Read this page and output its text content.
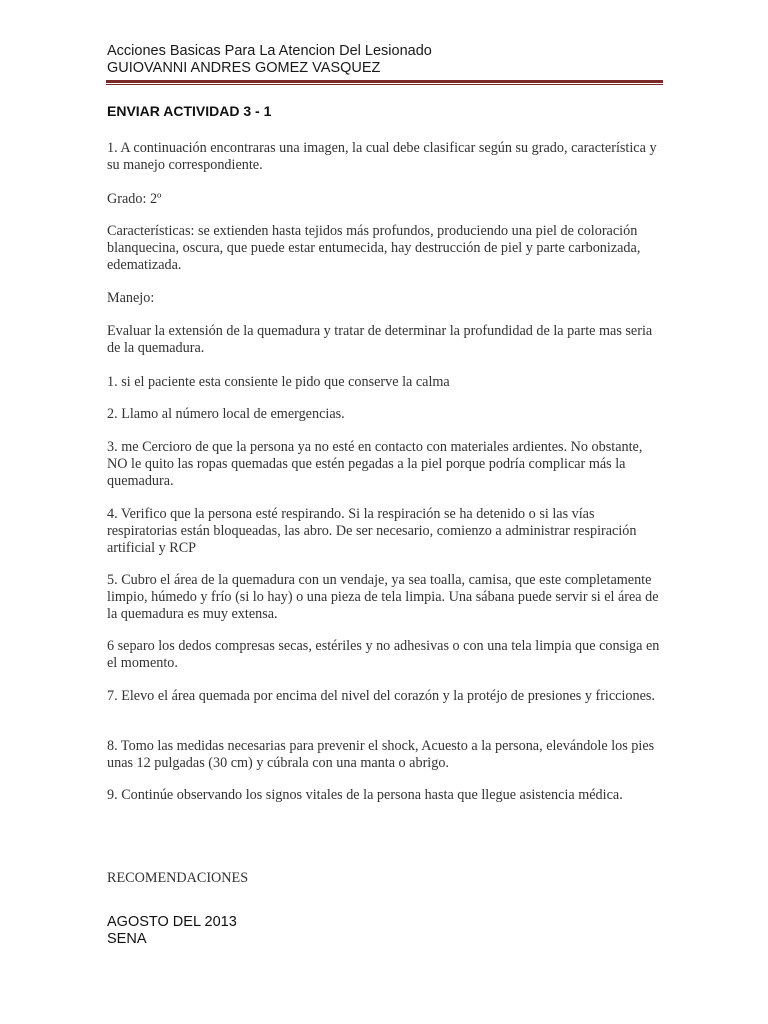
Acciones Basicas Para La Atencion Del Lesionado
GUIOVANNI ANDRES GOMEZ VASQUEZ
ENVIAR ACTIVIDAD 3 - 1
1. A continuación encontraras una imagen, la cual debe clasificar según su grado, característica y su manejo correspondiente.
Grado: 2º
Características: se extienden hasta tejidos más profundos, produciendo una piel de coloración blanquecina, oscura, que puede estar entumecida, hay destrucción de piel y parte carbonizada, edematizada.
Manejo:
Evaluar la extensión de la quemadura y tratar de determinar la profundidad de la parte mas seria de la quemadura.
1. si el paciente esta consiente le pido que conserve la calma
2. Llamo al número local de emergencias.
3. me Cercioro de que la persona ya no esté en contacto con materiales ardientes. No obstante, NO le quito las ropas quemadas que estén pegadas a la piel porque podría complicar más la quemadura.
4. Verifico que la persona esté respirando. Si la respiración se ha detenido o si las vías respiratorias están bloqueadas, las abro. De ser necesario, comienzo a administrar respiración artificial y RCP
5. Cubro el área de la quemadura con un vendaje, ya sea toalla, camisa, que este completamente limpio, húmedo y frío (si lo hay) o una pieza de tela limpia. Una sábana puede servir si el área de la quemadura es muy extensa.
6 separo los dedos compresas secas, estériles y no adhesivas o con una tela limpia que consiga en el momento.
7. Elevo el área quemada por encima del nivel del corazón y la protéjo de presiones y fricciones.
8. Tomo las medidas necesarias para prevenir el shock, Acuesto a la persona, elevándole los pies unas 12 pulgadas (30 cm) y cúbrala con una manta o abrigo.
9. Continúe observando los signos vitales de la persona hasta que llegue asistencia médica.
RECOMENDACIONES
AGOSTO DEL 2013
SENA
